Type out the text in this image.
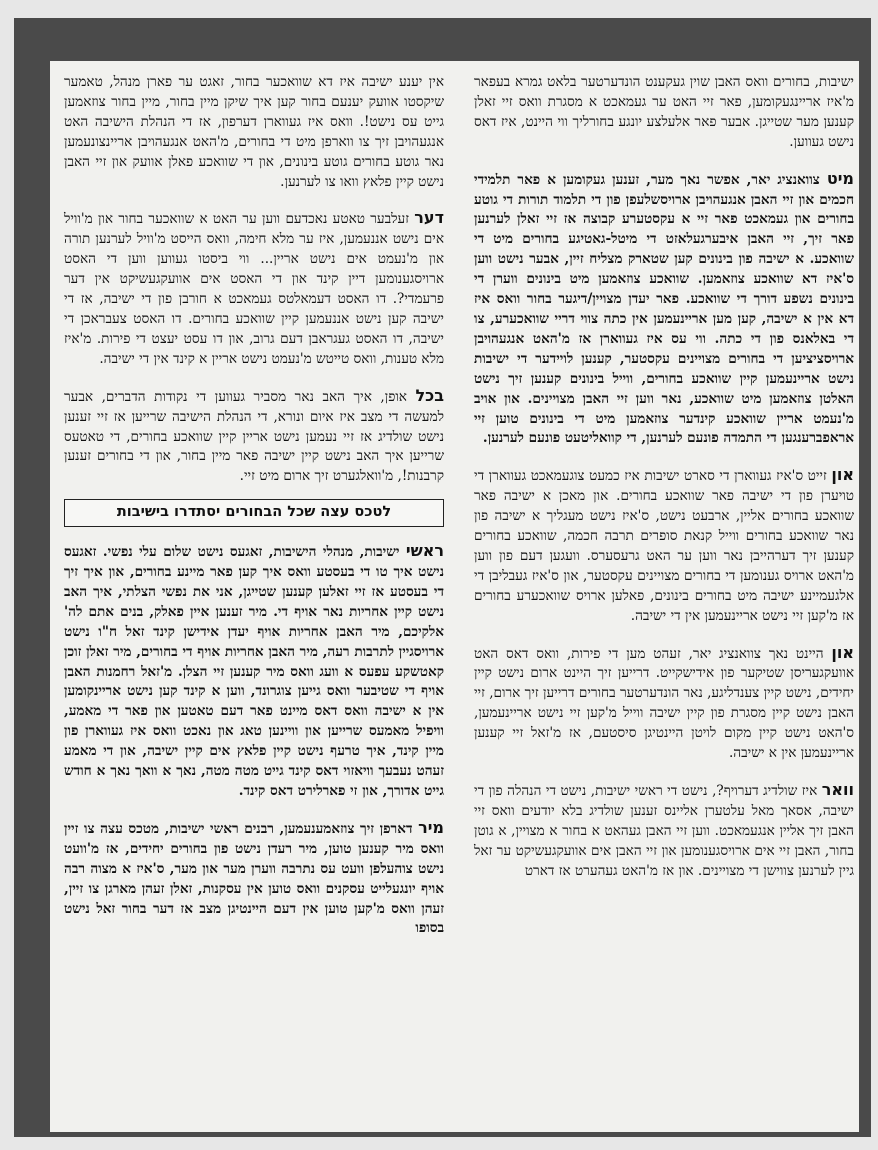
ישיבות, בחורים וואס האבן שוין געקענט הונדערטער בלאט גמרא בעפאר מ'איז אריינגעקומען, פאר זיי האט ער געמאכט א מסגרת וואס זיי זאלן קענען מער שטייגן. אבער פאר אלעלצע יונגע בחורליך ווי היינט, איז דאס נישט געווען.

מיט צוואנציג יאר, אפשר נאך מער, זענען געקומען א פאר תלמידי חכמים און זיי האבן אנגעהויבן ארויסשלעפן פון די תלמוד תורות די גוטע בחורים און געמאכט פאר זיי א עקסטערע קבוצה אז זיי זאלן לערנען פאר זיך, זיי האבן איבערגעלאזט די מיטל-גאטיגע בחורים מיט די שוואכע. א ישיבה פון בינונים קען שטארק מצליח זיין, אבער נישט ווען ס'איז דא שוואכע צוזאמען. שוואכע צוזאמען מיט בינונים ווערן די בינונים נשפע דורך די שוואכע. פאר יעדן מצויין/דיגער בחור וואס איז דא אין א ישיבה, קען מען אריינעמען אין כתה צווי דריי שוואכערע, צו די באלאנס פון די כתה. ווי עס איז געווארן אז מ'האט אנגעהויבן ארויסציציען די בחורים מצויינים עקסטער, קענען לויידער די ישיבות נישט אריינעמען קיין שוואכע בחורים, ווייל בינונים קענען זיך נישט האלטן צוזאמען מיט שוואכע, נאר ווען זיי האבן מצויינים. און אויב מ'נעמט אריין שוואכע קינדער צוזאמען מיט די בינונים טוען זיי אראפברענגען די התמדה פונעם לערנען, די קוואליטעט פונעם לערנען.

און זייט ס'איז געווארן די סארט ישיבות איז כמעט צוגעמאכט געווארן די טויערן פון די ישיבה פאר שוואכע בחורים. און מאכן א ישיבה פאר שוואכע בחורים אליין, ארבעט נישט, ס'איז נישט מעגליך א ישיבה פון נאר שוואכע בחורים ווייל קנאת סופרים תרבה חכמה, שוואכע בחורים קענען זיך דערהייבן נאר ווען ער האט גרעסערס. וועגען דעם פון ווען מ'האט ארויס גענומען די בחורים מצויינים עקסטער, און ס'איז געבליבן די אלגעמיינע ישיבה מיט בחורים בינונים, פאלען ארויס שוואכערע בחורים אז מ'קען זיי נישט אריינעמען אין די ישיבה.

און היינט נאך צוואנציג יאר, זעהט מען די פירות, וואס דאס האט אוועקגעריסן שטיקער פון אידישקייט. דרייען זיך היינט ארום נישט קיין יחידים, נישט קיין צענדליגע, נאר הונדערטער בחורים דרייען זיך ארום, זיי האבן נישט קיין מסגרת פון קיין ישיבה ווייל מ'קען זיי נישט אריינעמען, ס'האט נישט קיין מקום לויטן היינטיגן סיסטעם, אז מ'זאל זיי קענען אריינעמען אין א ישיבה.

וואר איז שולדיג דערויף?, נישט די ראשי ישיבות, נישט די הנהלה פון די ישיבה, אסאך מאל עלטערן אליינס זענען שולדיג בלא יודעים וואס זיי האבן זיך אליין אנגעמאכט. ווען זיי האבן געהאט א בחור א מצויין, א גוטן בחור, האבן זיי אים ארויסגענומען און זיי האבן אים אוועקגעשיקט ער זאל גיין לערנען צווישן די מצויינים. און אז מ'האט געהערט אז דארט

אין יענע ישיבה איז דא שוואכער בחור, זאגט ער פארן מנהל, טאמער שיקסטו אוועק יענעם בחור קען איך שיקן מיין בחור, מיין בחור צוזאמען גייט עס נישט!. וואס איז געווארן דערפון, אז די הנהלת הישיבה האט אנגעהויבן זיך צו ווארפן מיט די בחורים, מ'האט אנגעהויבן אריינצונעמען נאר גוטע בחורים גוטע בינונים, און די שוואכע פאלן אוועק און זיי האבן נישט קיין פלאץ וואו צו לערנען.

דער זעלבער טאטע נאכדעם ווען ער האט א שוואכער בחור און מ'וויל אים נישט אננעמען, איז ער מלא חימה, וואס הייסט מ'וויל לערנען תורה און מ'נעמט אים נישט אריין... ווי ביסטו געווען ווען די האסט ארויסגענומען דיין קינד און די האסט אים אוועקגעשיקט אין דער פרעמדי?. דו האסט דעמאלטס געמאכט א חורבן פון די ישיבה, אז די ישיבה קען נישט אננעמען קיין שוואכע בחורים. דו האסט צעבראכן די ישיבה, דו האסט געגראבן דעם גרוב, און דו עסט יעצט די פירות. מ'איז מלא טענות, וואס טייטש מ'נעמט נישט אריין א קינד אין די ישיבה.

בכל אופן, איך האב נאר מסביר געווען די נקודות הדברים, אבער למעשה די מצב איז איום ונורא, די הנהלת הישיבה שרייען אז זיי זענען נישט שולדיג אז זיי נעמען נישט אריין קיין שוואכע בחורים, די טאטעס שרייען איך האב נישט קיין ישיבה פאר מיין בחור, און די בחורים זענען קרבנות!, מ'וואלגערט זיך ארום מיט זיי.

לטכס עצה שכל הבחורים יסתדרו בישיבות

ראשי ישיבות, מנהלי הישיבות, זאגעס נישט שלום עלי נפשי. זאגעס נישט איך טו די בעסטע וואס איך קען פאר מיינע בחורים, און איך זיך די בעסטע אז זיי זאלען קענען שטייגן, אני את נפשי הצלתי, איך האב נישט קיין אחריות נאר אויף די. מיר זענען איין פאלק, בנים אתם לה' אלקיכם, מיר האבן אחריות אויף יעדן אידישן קינד זאל ח"ו נישט ארויסגיין לתרבות רעה, מיר האבן אחריות אויף די בחורים, מיר זאלן זוכן קאטשקע עפעס א וועג וואס מיר קענען זיי הצלן. מ'זאל רחמנות האבן אויף די שטיבער וואס גייען צוגרונד, ווען א קינד קען נישט אריינקומען אין א ישיבה וואס דאס מיינט פאר דעם טאטען און פאר די מאמע, וויפיל מאמעס שרייען און וויינען טאג און נאכט וואס איז געווארן פון מיין קינד, איך טרעף נישט קיין פלאץ אים קיין ישיבה, און די מאמע זעהט נעבעך וויאזוי דאס קינד גייט מטה מטה, נאך א וואך נאך א חודש גייט אדורך, און זי פארלירט דאס קינד.

מיר דארפן זיך צוזאמענעמען, רבנים ראשי ישיבות, מטכס עצה צו זיין וואס מיר קענען טוען, מיר רעדן נישט פון בחורים יחידים, אז מ'וועט נישט צוהעלפן וועט עס נתרבה ווערן מער און מער, ס'איז א מצוה רבה אויף יונגעלייט עסקנים וואס טוען אין עסקנות, זאלן זעהן מארגן צו זיין, זעהן וואס מ'קען טוען אין דעם היינטיגן מצב אז דער בחור זאל נישט בסופו
